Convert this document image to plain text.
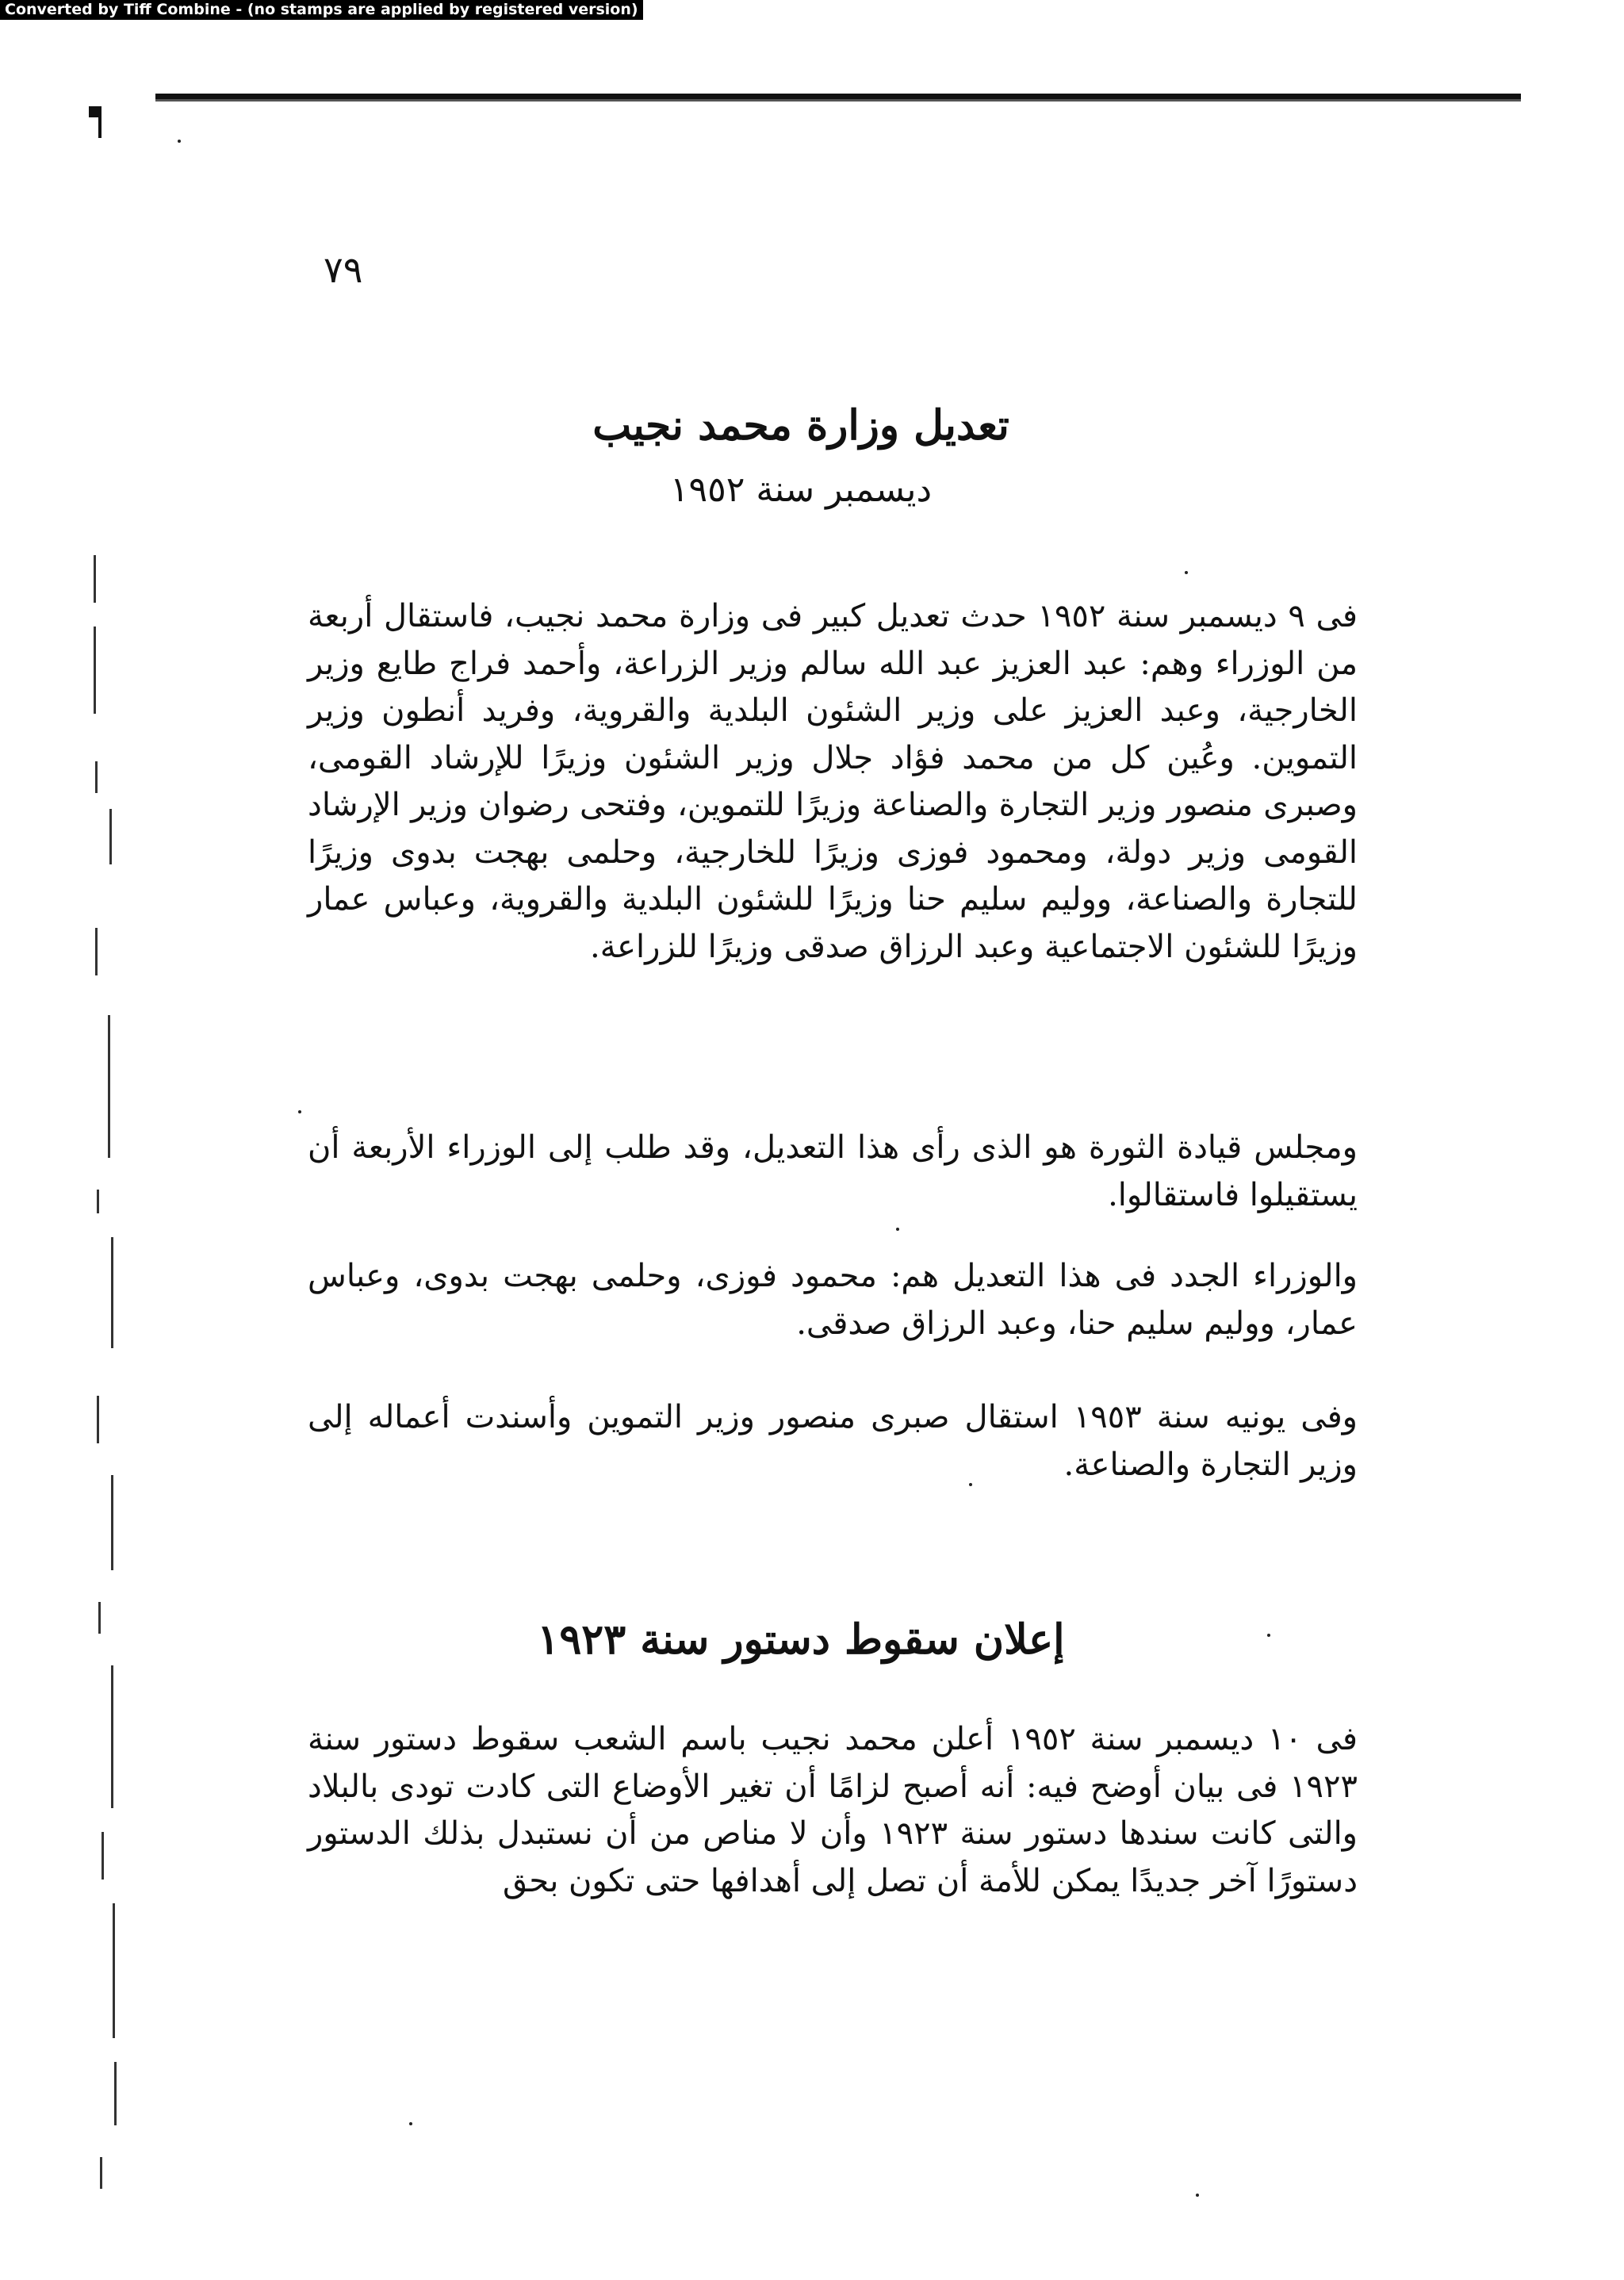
Converted by Tiff Combine - (no stamps are applied by registered version)
٧٩
تعديل وزارة محمد نجيب
ديسمبر سنة ١٩٥٢
فى ٩ ديسمبر سنة ١٩٥٢ حدث تعديل كبير فى وزارة محمد نجيب، فاستقال أربعة من الوزراء وهم: عبد العزيز عبد الله سالم وزير الزراعة، وأحمد فراج طايع وزير الخارجية، وعبد العزيز على وزير الشئون البلدية والقروية، وفريد أنطون وزير التموين. وعُين كل من محمد فؤاد جلال وزير الشئون وزيرًا للإرشاد القومى، وصبرى منصور وزير التجارة والصناعة وزيرًا للتموين، وفتحى رضوان وزير الإرشاد القومى وزير دولة، ومحمود فوزى وزيرًا للخارجية، وحلمى بهجت بدوى وزيرًا للتجارة والصناعة، ووليم سليم حنا وزيرًا للشئون البلدية والقروية، وعباس عمار وزيرًا للشئون الاجتماعية وعبد الرزاق صدقى وزيرًا للزراعة.
ومجلس قيادة الثورة هو الذى رأى هذا التعديل، وقد طلب إلى الوزراء الأربعة أن يستقيلوا فاستقالوا.
والوزراء الجدد فى هذا التعديل هم: محمود فوزى، وحلمى بهجت بدوى، وعباس عمار، ووليم سليم حنا، وعبد الرزاق صدقى.
وفى يونيه سنة ١٩٥٣ استقال صبرى منصور وزير التموين وأسندت أعماله إلى وزير التجارة والصناعة.
إعلان سقوط دستور سنة ١٩٢٣
فى ١٠ ديسمبر سنة ١٩٥٢ أعلن محمد نجيب باسم الشعب سقوط دستور سنة ١٩٢٣ فى بيان أوضح فيه: أنه أصبح لزامًا أن تغير الأوضاع التى كادت تودى بالبلاد والتى كانت سندها دستور سنة ١٩٢٣ وأن لا مناص من أن نستبدل بذلك الدستور دستورًا آخر جديدًا يمكن للأمة أن تصل إلى أهدافها حتى تكون بحق
